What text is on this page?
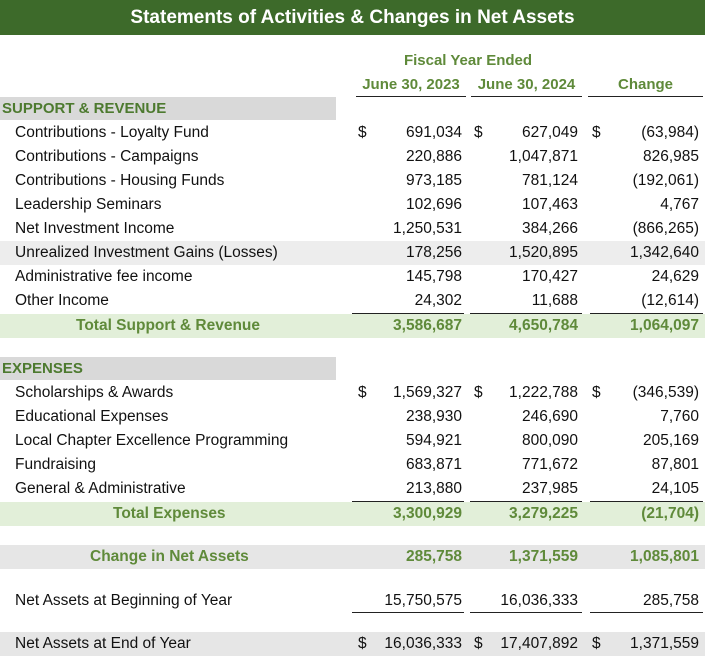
Statements of Activities & Changes in Net Assets
Fiscal Year Ended
June 30, 2023	June 30, 2024	Change
SUPPORT & REVENUE
Contributions - Loyalty Fund	$	691,034 $	627,049 $	(63,984)
Contributions - Campaigns	220,886	1,047,871	826,985
Contributions - Housing Funds	973,185	781,124	(192,061)
Leadership Seminars	102,696	107,463	4,767
Net Investment Income	1,250,531	384,266	(866,265)
Unrealized Investment Gains (Losses)	178,256	1,520,895	1,342,640
Administrative fee income	145,798	170,427	24,629
Other Income	24,302	11,688	(12,614)
Total Support & Revenue	3,586,687	4,650,784	1,064,097
EXPENSES
Scholarships & Awards	$ 1,569,327 $ 1,222,788 $ (346,539)
Educational Expenses	238,930	246,690	7,760
Local Chapter Excellence Programming	594,921	800,090	205,169
Fundraising	683,871	771,672	87,801
General & Administrative	213,880	237,985	24,105
Total Expenses	3,300,929	3,279,225	(21,704)
Change in Net Assets	285,758	1,371,559	1,085,801
Net Assets at Beginning of Year	15,750,575 16,036,333	285,758
Net Assets at End of Year	$ 16,036,333 $ 17,407,892 $ 1,371,559
